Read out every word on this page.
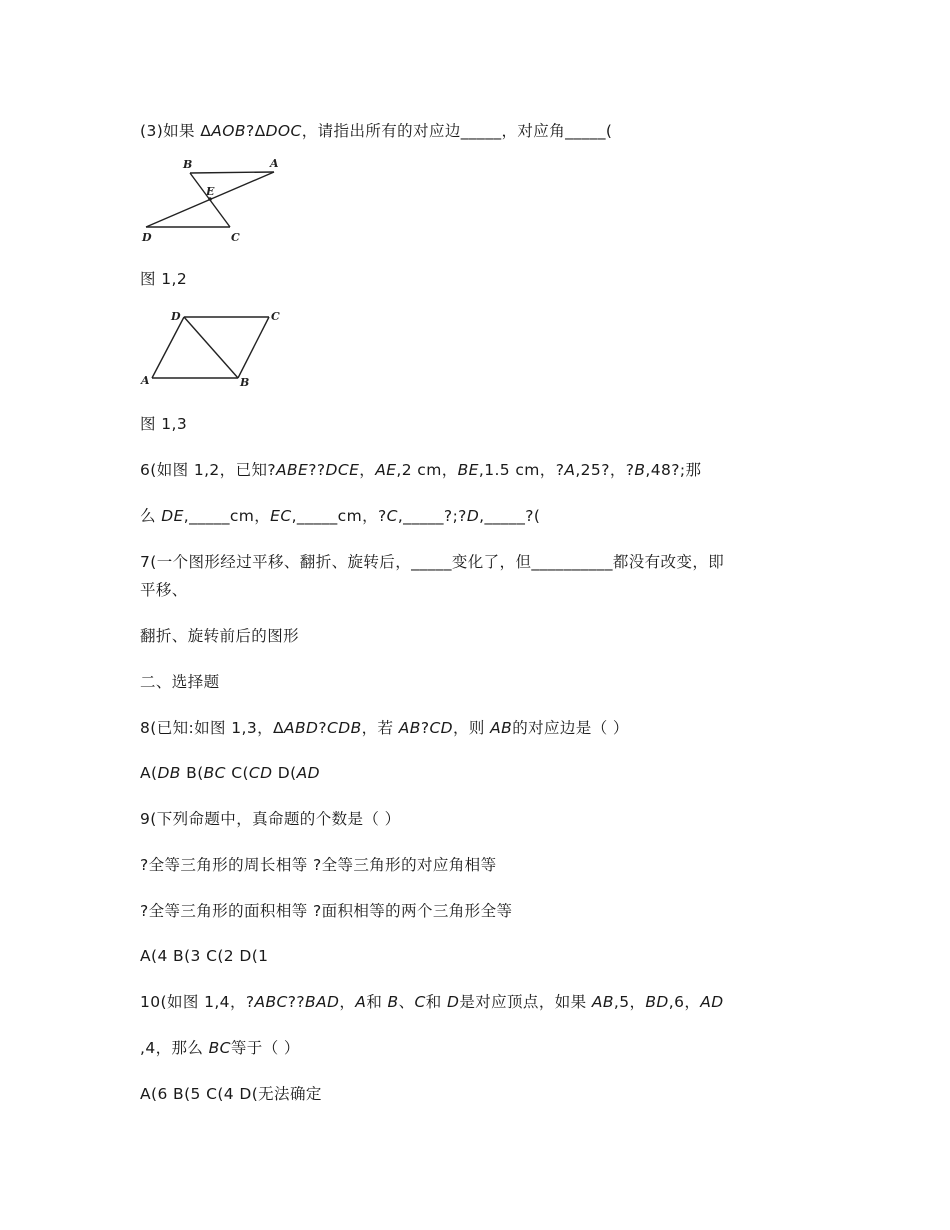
(3)如果 ΔAOB?ΔDOC，请指出所有的对应边_____，对应角_____(
B	A
E
D	C
图 1,2
D	C
A	B
图 1,3
6(如图 1,2，已知?ABE??DCE，AE,2 cm，BE,1.5 cm，?A,25?，?B,48?;那
么 DE,_____cm，EC,_____cm，?C,_____?;?D,_____?(
7(一个图形经过平移、翻折、旋转后，_____变化了，但__________都没有改变，即
平移、
翻折、旋转前后的图形
二、选择题
8(已知:如图 1,3，ΔABD?CDB，若 AB?CD，则 AB的对应边是（ ）
A(DB B(BC C(CD D(AD
9(下列命题中，真命题的个数是（ ）
?全等三角形的周长相等 ?全等三角形的对应角相等
?全等三角形的面积相等 ?面积相等的两个三角形全等
A(4 B(3 C(2 D(1
10(如图 1,4，?ABC??BAD，A和 B、C和 D是对应顶点，如果 AB,5，BD,6，AD
,4，那么 BC等于（ ）
A(6 B(5 C(4 D(无法确定
